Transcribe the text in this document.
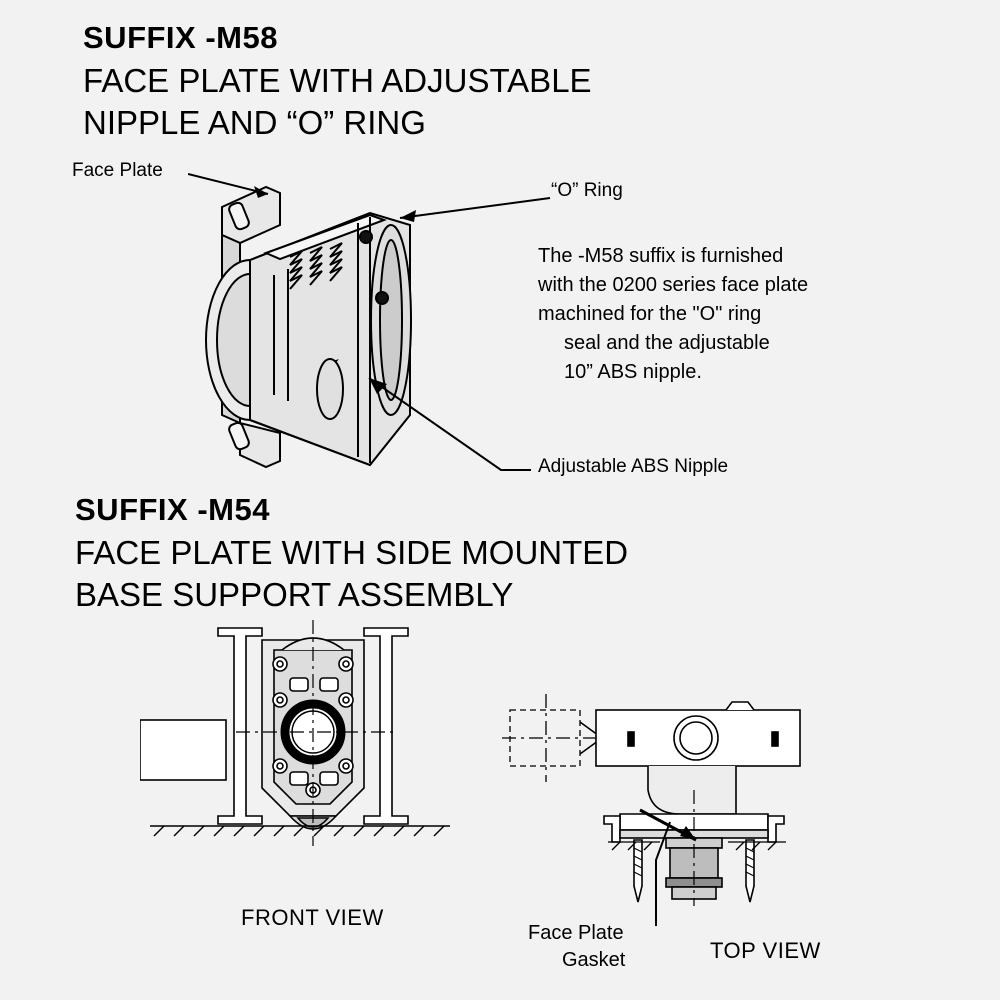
SUFFIX -M58
FACE PLATE WITH ADJUSTABLE
NIPPLE AND “O” RING
Face Plate
“O” Ring
The -M58 suffix is furnished
with the 0200 series face plate
machined for the "O" ring
seal and the adjustable
10” ABS nipple.
Adjustable ABS Nipple
SUFFIX -M54
FACE PLATE WITH SIDE MOUNTED
BASE SUPPORT ASSEMBLY
FRONT VIEW
Face Plate
Gasket	TOP VIEW
